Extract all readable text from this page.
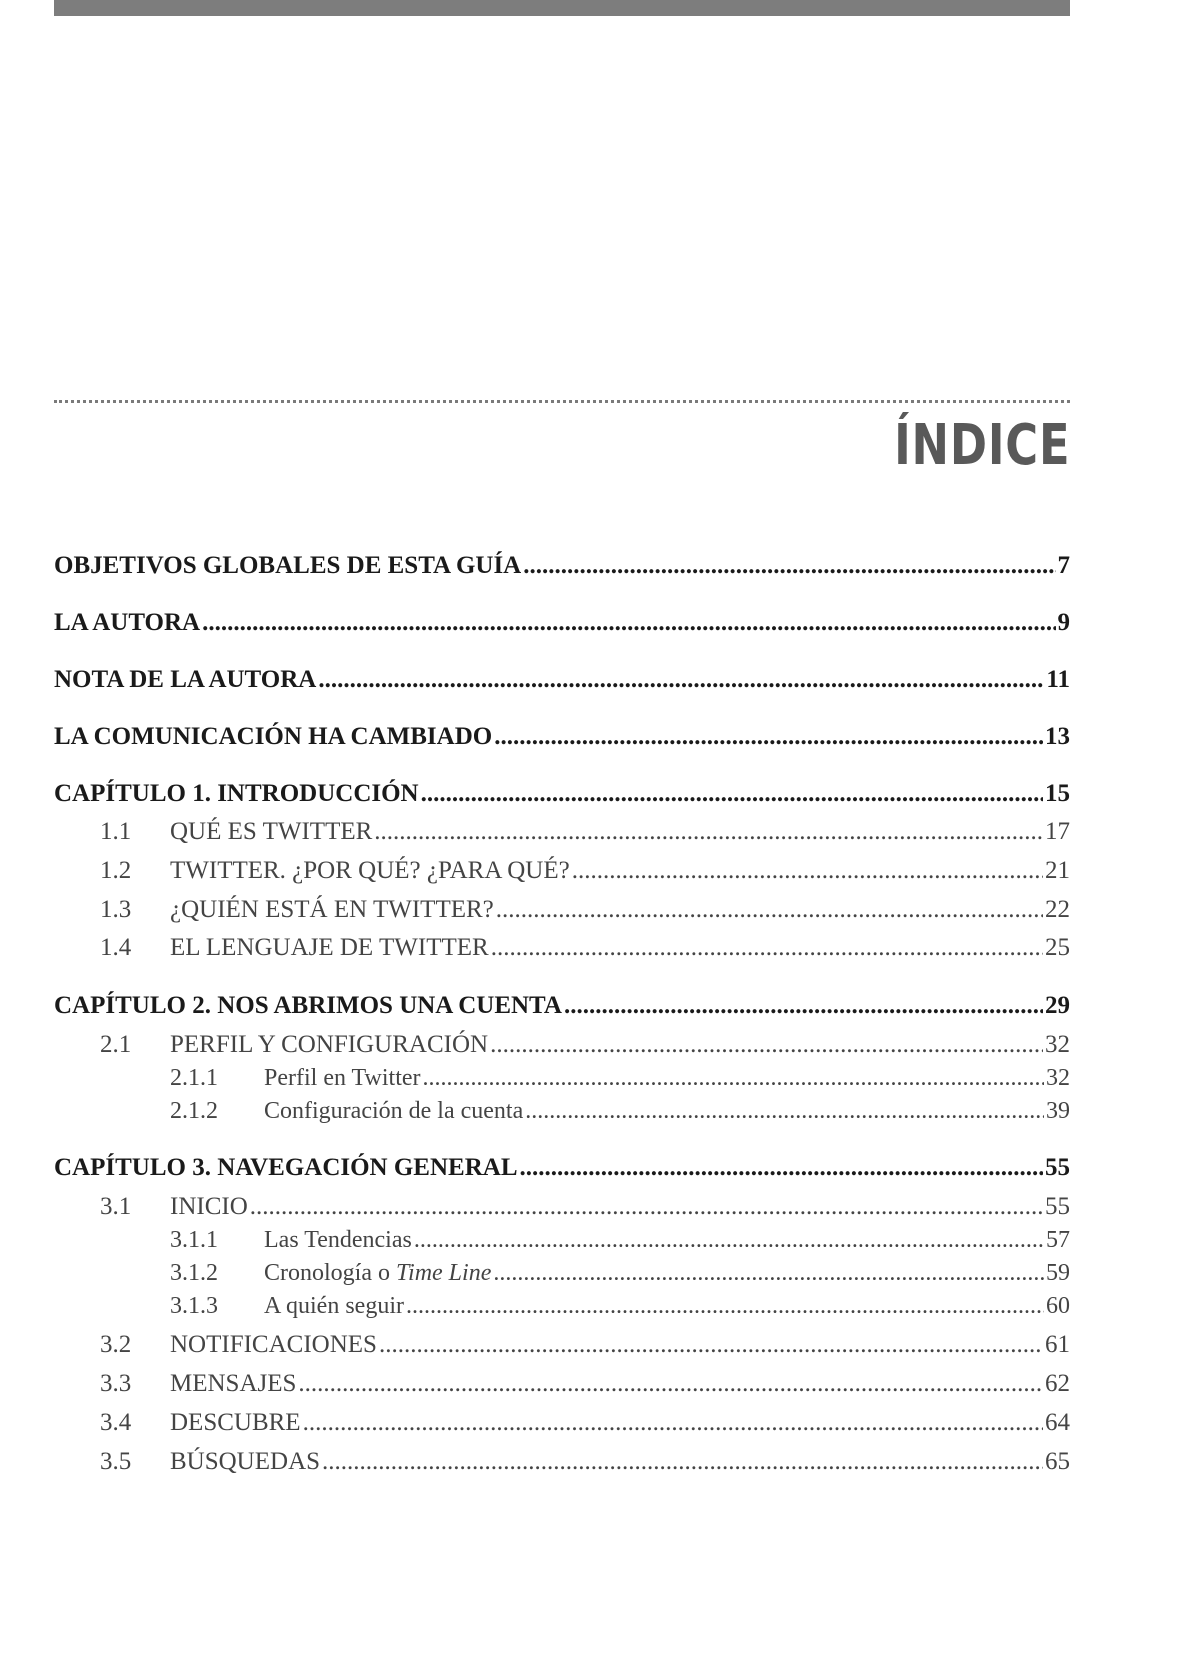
ÍNDICE
OBJETIVOS GLOBALES DE ESTA GUÍA .....	7
LA AUTORA .....	9
NOTA DE LA AUTORA .....	11
LA COMUNICACIÓN HA CAMBIADO .....	13
CAPÍTULO 1. INTRODUCCIÓN .....	15
1.1	QUÉ ES TWITTER .....	17
1.2	TWITTER. ¿POR QUÉ? ¿PARA QUÉ? .....	21
1.3	¿QUIÉN ESTÁ EN TWITTER? .....	22
1.4	EL LENGUAJE DE TWITTER .....	25
CAPÍTULO 2. NOS ABRIMOS UNA CUENTA .....	29
2.1	PERFIL Y CONFIGURACIÓN .....	32
2.1.1	Perfil en Twitter .....	32
2.1.2	Configuración de la cuenta .....	39
CAPÍTULO 3. NAVEGACIÓN GENERAL .....	55
3.1	INICIO .....	55
3.1.1	Las Tendencias .....	57
3.1.2	Cronología o Time Line .....	59
3.1.3	A quién seguir .....	60
3.2	NOTIFICACIONES .....	61
3.3	MENSAJES .....	62
3.4	DESCUBRE .....	64
3.5	BÚSQUEDAS .....	65
